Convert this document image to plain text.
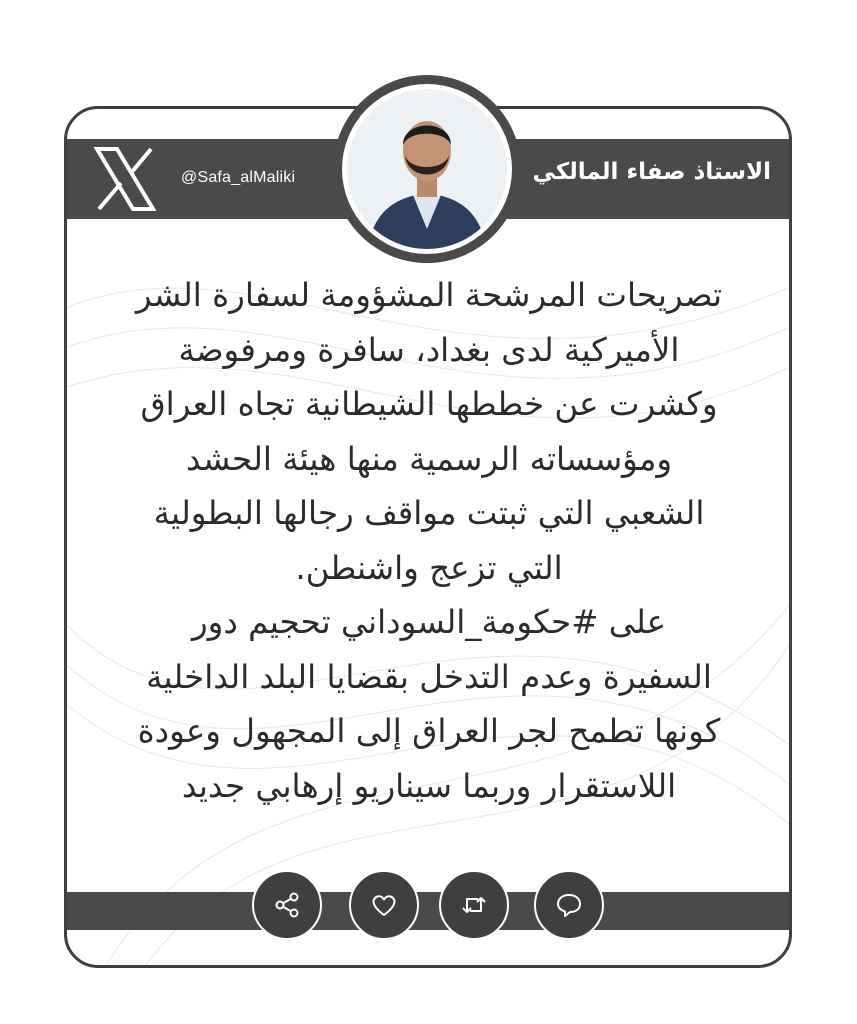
@Safa_alMaliki	الاستاذ صفاء المالكي
تصريحات المرشحة المشؤومة لسفارة الشر
الأميركية لدى بغداد، سافرة ومرفوضة
وكشرت عن خططها الشيطانية تجاه العراق
ومؤسساته الرسمية منها هيئة الحشد
الشعبي التي ثبتت مواقف رجالها البطولية
التي تزعج واشنطن.
على #حكومة_السوداني تحجيم دور
السفيرة وعدم التدخل بقضايا البلد الداخلية
كونها تطمح لجر العراق إلى المجهول وعودة
اللاستقرار وربما سيناريو إرهابي جديد
